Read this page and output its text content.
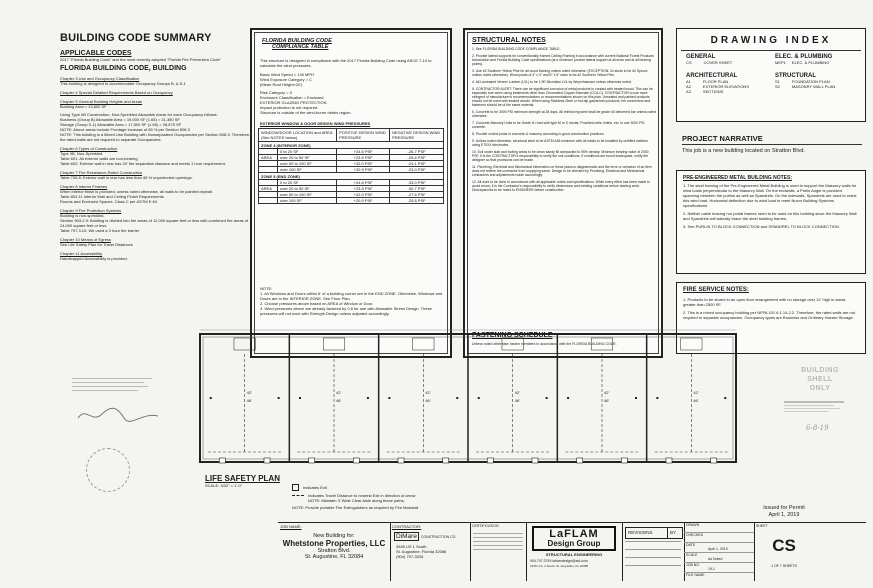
BUILDING CODE SUMMARY
APPLICABLE CODES
2017 "Florida Building Code" and the most recently adopted "Florida Fire Prevention Code"
FLORIDA BUILDING CODE, BUILDING
Chapter 3 Use and Occupancy Classification
This building is designed to accommodate Occupancy Groups B, & S-1
Chapter 4 Special Detailed Requirements Based on Occupancy
Chapter 5 General Building Heights and Areas
Building Area = 13,600 SF
Using Type IIB Construction, Non-Sprinkled Allowable Areas for each Occupancy follows:
Business (Group B) Allowable Area = 19,000 SF (1.65) = 31,350 SF
Storage (Group S-1) Allowable Area = 17,500 SF (1.65) = 28,875 SF
NOTE: Above areas include Frontage increase of 65 % per Section 506.3
NOTE: This building is a Mixed Use Building with Nonseparated Occupancies per Section 508.3. Therefore, the rated walls are not required to separate Occupancies.
Chapter 6 Types of Construction
Type IIB, Non-Sprinkled
Table 601: All exterior walls are non-bearing
Table 602: Exterior wall in rear has 20' fire separation distance and meets 1 hour requirement.
Chapter 7 Fire Resistance-Rated Construction
Table 705.8: Exterior wall in rear has less than 45 % unprotected openings.
Chapter 8 Interior Finishes
When interior finish is provided, unless noted otherwise, all walls to be painted drywall.
Table 803.11 Interior Wall and Ceiling Finish Requirements
Rooms and Enclosed Spaces: Class C per ASTM E 84
Chapter 9 Fire Protection Systems
Building is non-sprinkled.
Section 903.2.9: Building is divided into fire areas of 12,000 square feet or less with combined fire areas of 24,000 square feet or less.
Table 707.3.10: We used a 3 hour fire barrier
Chapter 10 Means of Egress
See Life Safety Plan for Travel Distances
Chapter 11 Accessibility
Handicapped Accessibility is provided.
FLORIDA BUILDING CODE
COMPLIANCE TABLE
This structure is designed in compliance with the 2017 Florida Building Code using ASCE 7-10 to calculate the wind pressures.
Basic Wind Speed = 130 MPH
Wind Exposure Category = C
(Mean Roof Height<20')
Risk Category = II
Enclosure Classification = Enclosed
EXTERIOR GLAZING PROTECTION
Impact protection is not required.
Structure is outside of the wind-borne debris region.
EXTERIOR WINDOW & DOOR DESIGN WIND PRESSURES
WINDOW/DOOR LOCATION and AREA (See NOTES below)		POSITIVE DESIGN WIND PRESSURE	NEGATIVE DESIGN WIND PRESSURE
ZONE 4 (INTERIOR ZONE)			
	0 to 20 SF	+24.6 PSF	-26.7 PSF
AREA	over 20 to 50 SF	+23.5 PSF	-25.6 PSF
	over 50 to 100 SF	+22.0 PSF	-24.1 PSF
	over 100 SF	+20.9 PSF	-23.0 PSF
ZONE 5 (END ZONE)			
	0 to 20 SF	+24.6 PSF	-33.0 PSF
AREA	over 20 to 50 SF	+23.5 PSF	-30.7 PSF
	over 50 to 100 SF	+22.0 PSF	-27.6 PSF
	over 100 SF	+20.9 PSF	-25.6 PSF
NOTE:
1. All Windows and Doors within 6' of a building corner are in the END ZONE. Otherwise, Windows and Doors are in the INTERIOR ZONE. See Floor Plan.
2. Choose pressures above based on AREA of Window or Door.
3. Wind pressures above are already factored by 0.6 for use with Allowable Stress Design. These pressures will not work with Strength Design unless adjusted accordingly.
STRUCTURAL NOTES
1. See FLORIDA BUILDING CODE COMPLIANCE TABLE.
2. Provide lateral supports for conventionally framed Ceiling Framing in accordance with current National Forest Products Association and Florida Building Code specifications (at a minimum provide lateral support at all ends and at all bearing points).
3. Use #2 Southern Yellow Pine for all wood framing unless noted otherwise. (EXCEPTION: 2x studs to be #2 Spruce unless noted otherwise). Wood posts of 4" x 4" and 6" x 6" sizes to be #2 Southern Yellow Pine.
4. All Laminated Veneer Lumber (LVL) to be 1.9E Microllam LVL by Weyerhaeuser unless otherwise noted.
5. CONTRACTOR ALERT: There can be significant corrosion of metal products in contact with treated wood. This can be especially true when using treatments other than Chromated Copper Arsenate (CCA-C). CONTRACTOR to use more stringent of manufacturer's recommendations or recommendations shown on this plan. Unsealed and painted products should not be used with treated woods. When using Stainless Steel or hot-dip galvanized products, the connectors and fasteners should be of the same material.
6. Concrete to be 3000 PSI minimum strength at 28 days. All reinforcing steel shall be grade 40 deformed bar unless noted otherwise.
7. Concrete Masonry Units to be Grade N-I laid with type M or S mortar. Provided cells, lintels, etc. to use 3000 PSI concrete.
8. Provide control joints in concrete & masonry according to good construction practices.
9. Unless noted otherwise, structural steel to be ASTM A36 minimum with all welds to be installed by certified welders using E70XX electrodes.
10. Soil under slab and footing areas to be clean sandy fill compacted to 95% density. Minimum bearing value of 2000 PSF. It is the CONTRACTOR's responsibility to verify the soil conditions. If conditions are found inadequate, notify the designer so that provisions can be made.
11. Plumbing, Electrical and Mechanical information on these plans is diagrammatic and the error or omission of an item does not relieve the contractor from supplying same. Design to be checked by Plumbing, Electrical and Mechanical contractors and adjustments made accordingly.
12. All work to be done in accordance with all applicable codes and specifications. While every effort has been made to avoid errors, it is the Contractor's responsibility to verify dimensions and existing conditions before starting work. Discrepancies to be noted to ENGINEER before construction.
FASTENING SCHEDULE
Unless noted otherwise: fasten members in accordance with the FLORIDA BUILDING CODE.
DRAWING INDEX
GENERAL
CS	COVER SHEET
ELEC. & PLUMBING
MEP1 ELEC. & PLUMBING
ARCHITECTURAL
A1	FLOOR PLAN
A2	EXTERIOR ELEVATIONS
A3	SECTIONS
STRUCTURAL
S1	FOUNDATION PLAN
S2	MASONRY WALL PLAN
PROJECT NARRATIVE
This job is a new building located on Stratton Blvd.
PRE-ENGINEERED METAL BUILDING NOTES:
1. The steel framing of the Pre-Engineered Metal Building is used to support the Masonry walls for wind loads perpendicular to the Masonry Wall. On the endwalls, a Purlin Angle is provided spanning between the purlins as well as Spandrels. On the sidewalls, Spandrels are used to resist this wind load. Horizontal deflection due to wind load to meet Nucor Building Systems specifications.
2. Neither cable bracing nor portal frames need to be used on this building since the Masonry Wall and Spandrels will laterally brace the steel building frames.
3. See PURLIN TO BLOCK CONNECTION and SPANDREL TO BLOCK CONNECTION.
FIRE SERVICE NOTES:
1. Products to be stored in an open floor arrangement with no storage over 12' high in areas greater than 2500 SF.
2. This is a mixed occupancy building per NFPA 101 6.1.14.2.2. Therefore, the rated walls are not required to separate occupancies. Occupancy types are Business and Ordinary Hazard Storage.
BUILDING
SHELL
ONLY
6-8-19
42'
46'
42'
46'
42'
46'
42'
46'
42'
46'
42'
46'
LIFE SAFETY PLAN
SCALE: 3/32" = 1'-0"	Indicates Exit
Indicates Travel Distance to nearest Exit in direction of arrow
NOTE: Maintain 3' Wide Clear Aisle along these paths.
NOTE: Provide portable Fire Extinguishers as required by Fire Marshall.
JOB NAME:
New Building for:
Whetstone Properties, LLC
Stratton Blvd.
St. Augustine, FL 32084
CONTRACTOR:
DiMare	CONSTRUCTION CO.
3545 US 1 South
St. Augustine, Florida 32086
(904) 797-3326
CERTIFICATION
LaFLAM
Design Group
STRUCTURAL ENGINEERING
904.797.3749 laflamdesign@aol.com
2125 U.S. 1 South, St. Augustine, FL 32086
REVISIONS	BY
DRAWN
CHECKED
DATE
April 1, 2019
SCALE
As Noted
JOB NO.
19-1
FILE NAME
Issued for Permit
April 1, 2019
SHEET
CS
1 OF 7 SHEETS
